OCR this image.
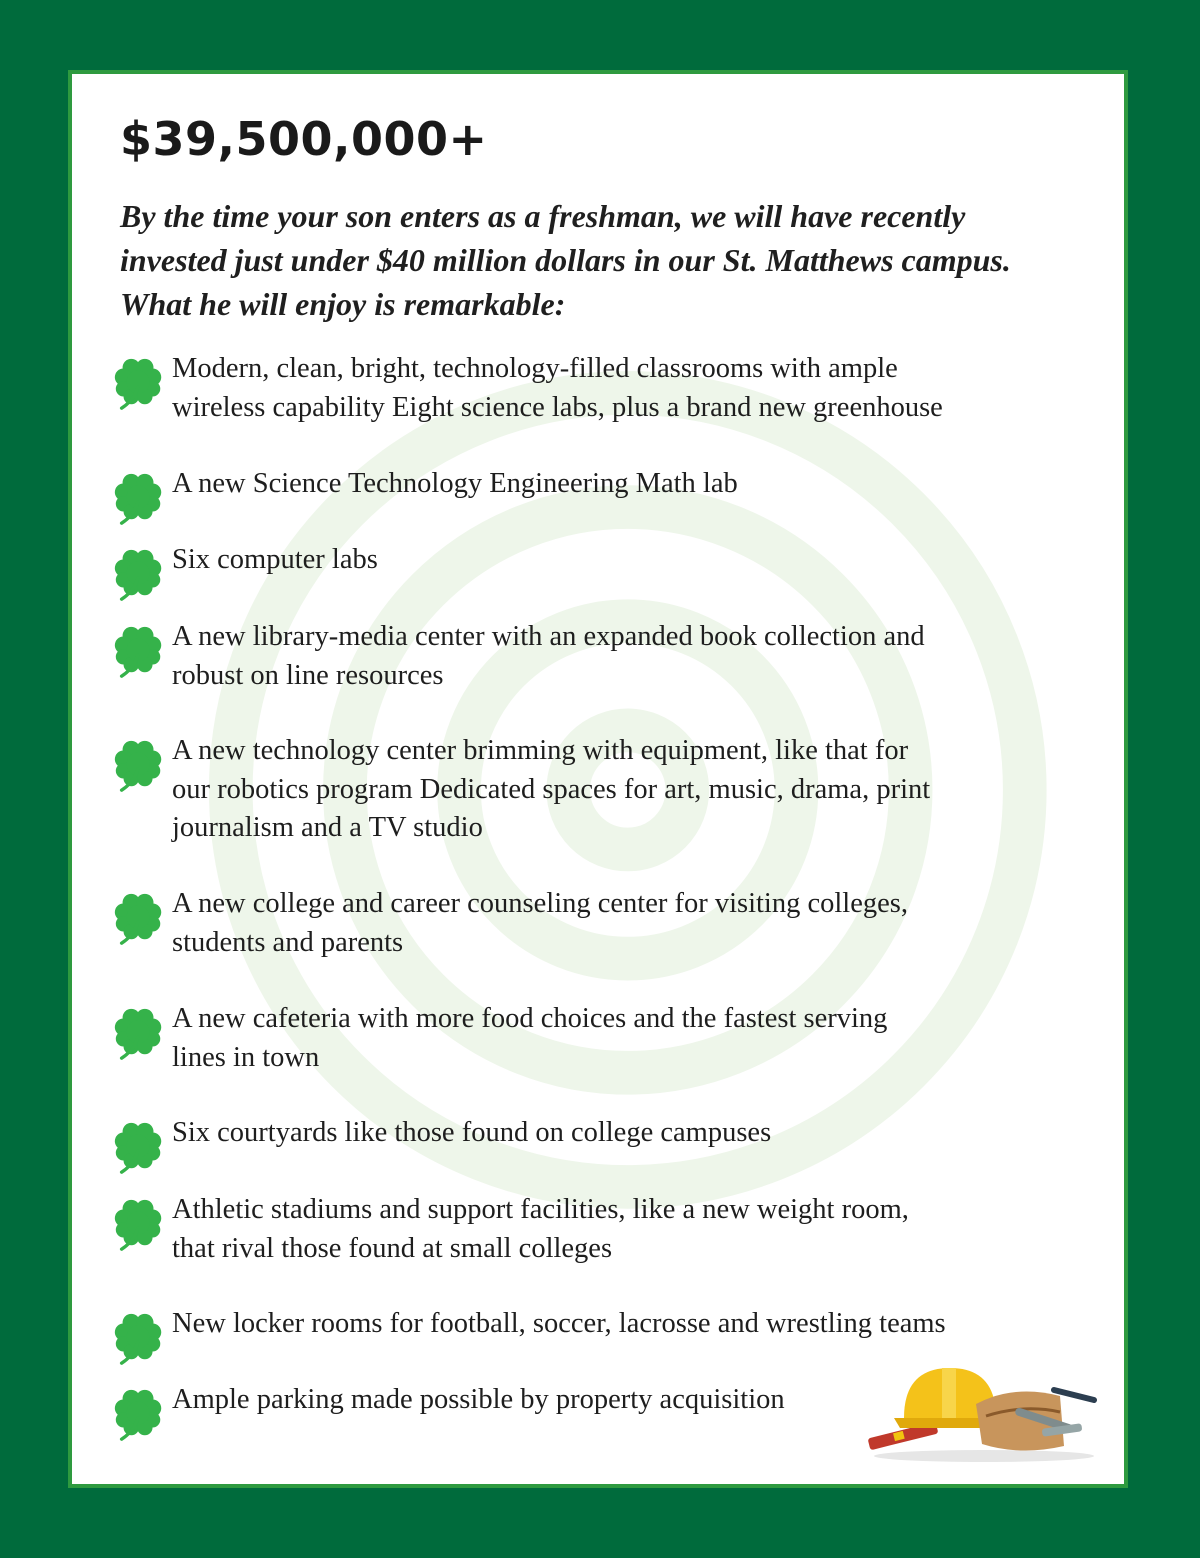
$39,500,000+

By the time your son enters as a freshman, we will have recently invested just under $40 million dollars in our St. Matthews campus. What he will enjoy is remarkable:

Modern, clean, bright, technology-filled classrooms with ample
wireless capability Eight science labs, plus a brand new greenhouse
A new Science Technology Engineering Math lab
Six computer labs
A new library-media center with an expanded book collection and
robust on line resources
A new technology center brimming with equipment, like that for
our robotics program Dedicated spaces for art, music, drama, print
journalism and a TV studio
A new college and career counseling center for visiting colleges,
students and parents
A new cafeteria with more food choices and the fastest serving
lines in town
Six courtyards like those found on college campuses
Athletic stadiums and support facilities, like a new weight room,
that rival those found at small colleges
New locker rooms for football, soccer, lacrosse and wrestling teams
Ample parking made possible by property acquisition
